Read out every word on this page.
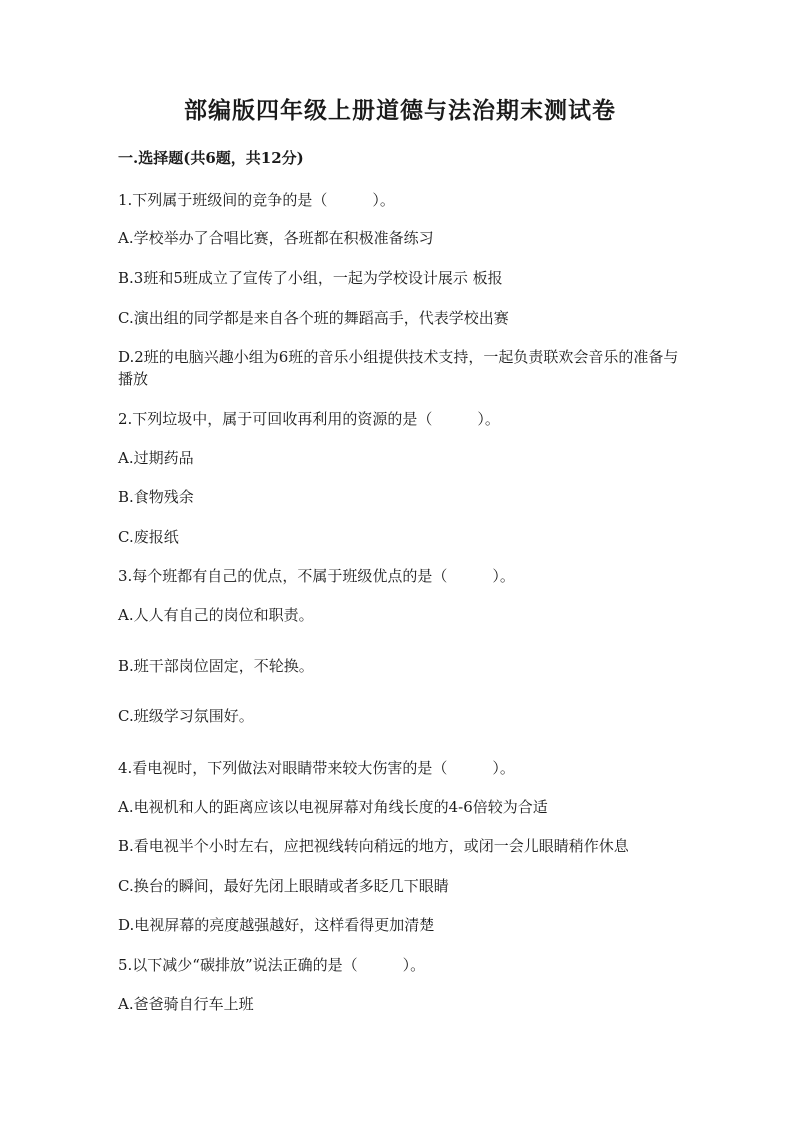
部编版四年级上册道德与法治期末测试卷
一.选择题(共6题，共12分)

1.下列属于班级间的竞争的是（　　　）。

A.学校举办了合唱比赛，各班都在积极准备练习

B.3班和5班成立了宣传了小组，一起为学校设计展示 板报

C.演出组的同学都是来自各个班的舞蹈高手，代表学校出赛

D.2班的电脑兴趣小组为6班的音乐小组提供技术支持，一起负责联欢会音乐的准备与播放

2.下列垃圾中，属于可回收再利用的资源的是（　　　）。

A.过期药品

B.食物残余

C.废报纸

3.每个班都有自己的优点，不属于班级优点的是（　　　）。

A.人人有自己的岗位和职责。

B.班干部岗位固定，不轮换。

C.班级学习氛围好。

4.看电视时，下列做法对眼睛带来较大伤害的是（　　　）。

A.电视机和人的距离应该以电视屏幕对角线长度的4-6倍较为合适

B.看电视半个小时左右，应把视线转向稍远的地方，或闭一会儿眼睛稍作休息

C.换台的瞬间，最好先闭上眼睛或者多眨几下眼睛

D.电视屏幕的亮度越强越好，这样看得更加清楚

5.以下减少“碳排放”说法正确的是（　　　）。

A.爸爸骑自行车上班
